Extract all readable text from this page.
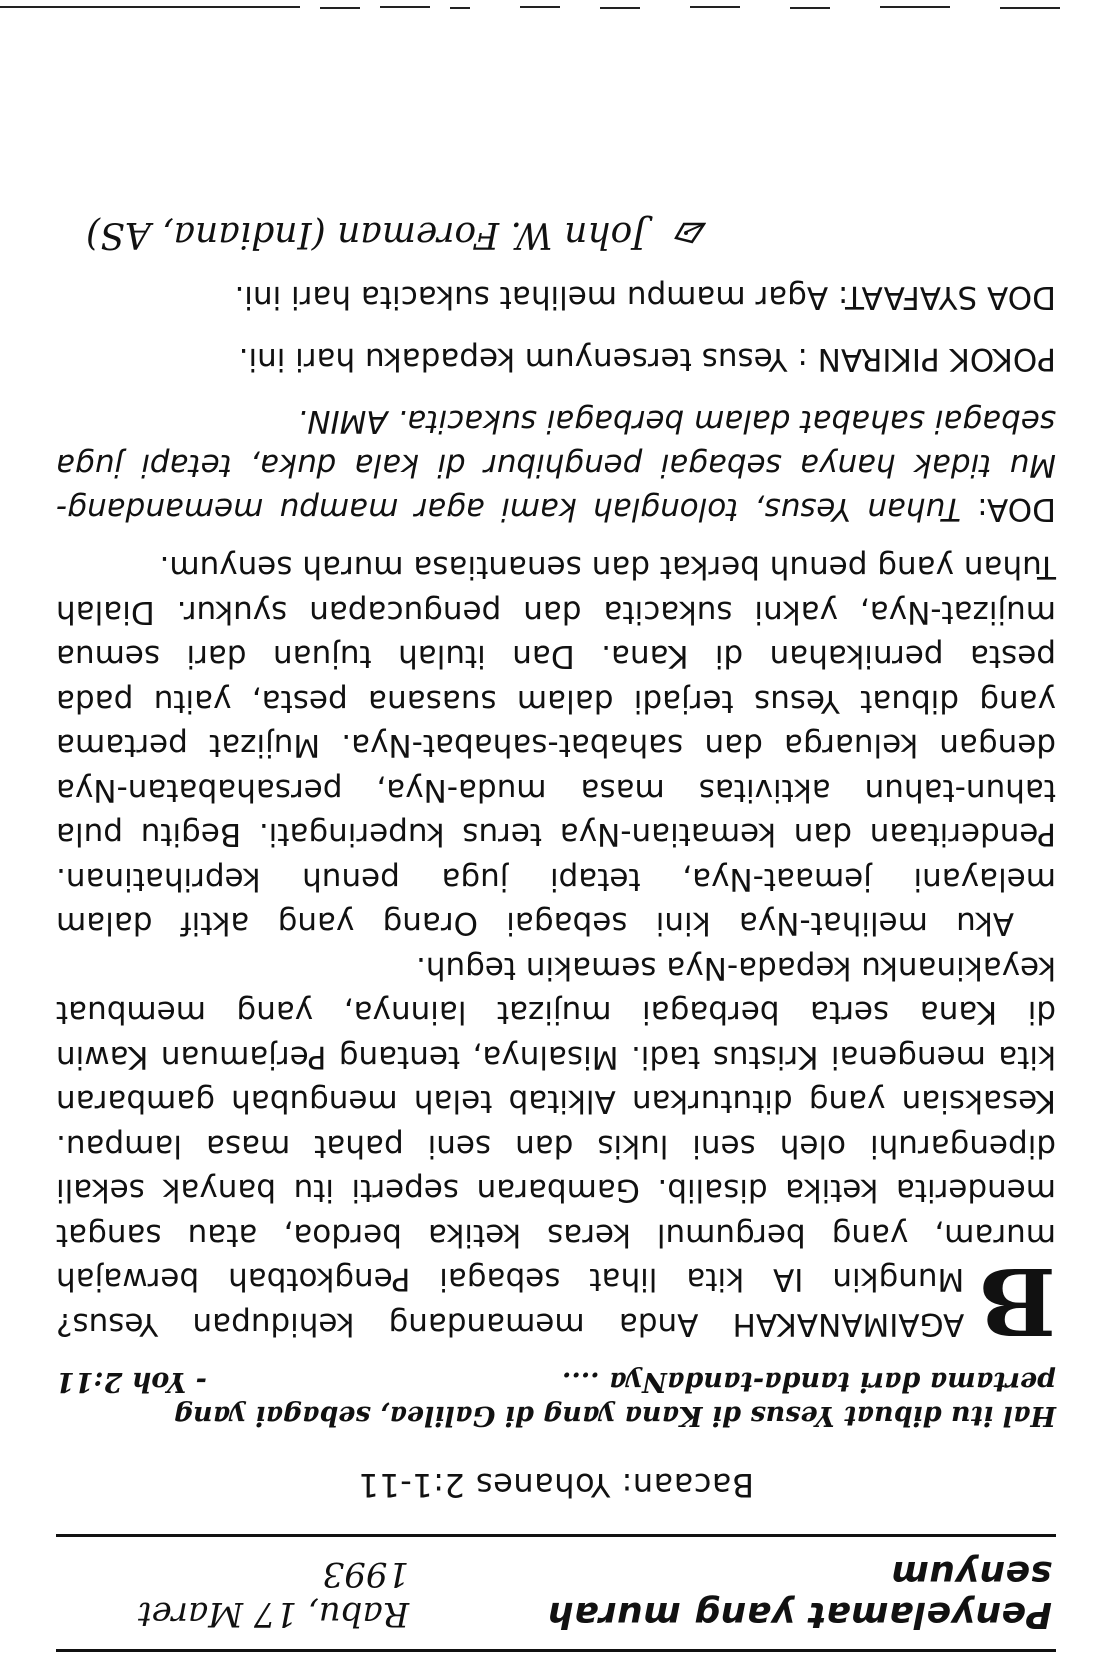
Penyelamat yang murah senyum
Rabu, 17 Maret 1993
Bacaan: Yohanes 2:1-11
Hal itu dibuat Yesus di Kana yang di Galilea, sebagai yang pertama dari tanda-tandaNya ....
- Yoh 2:11
B
AGAIMANAKAH Anda memandang kehidupan Yesus? Mungkin IA kita lihat sebagai Pengkotbah berwajah muram, yang bergumul keras ketika berdoa, atau sangat menderita ketika disalib. Gambaran seperti itu banyak sekali dipengaruhi oleh seni lukis dan seni pahat masa lampau. Kesaksian yang dituturkan Alkitab telah mengubah gambaran kita mengenai Kristus tadi. Misalnya, tentang Perjamuan Kawin di Kana serta berbagai mujizat lainnya, yang membuat keyakinanku kepada-Nya semakin teguh.
Aku melihat-Nya kini sebagai Orang yang aktif dalam melayani jemaat-Nya, tetapi juga penuh keprihatinan. Penderitaan dan kematian-Nya terus kuperingati. Begitu pula tahun-tahun aktivitas masa muda-Nya, persahabatan-Nya dengan keluarga dan sahabat-sahabat-Nya. Mujizat pertama yang dibuat Yesus terjadi dalam suasana pesta, yaitu pada pesta pernikahan di Kana. Dan itulah tujuan dari semua mujizat-Nya, yakni sukacita dan pengucapan syukur. Dialah Tuhan yang penuh berkat dan senantiasa murah senyum.
DOA: Tuhan Yesus, tolonglah kami agar mampu memandang-Mu tidak hanya sebagai penghibur di kala duka, tetapi juga sebagai sahabat dalam berbagai sukacita. AMIN.
POKOK PIKIRAN : Yesus tersenyum kepadaku hari ini.
DOA SYAFAAT: Agar mampu melihat sukacita hari ini.
John W. Foreman (Indiana, AS)
